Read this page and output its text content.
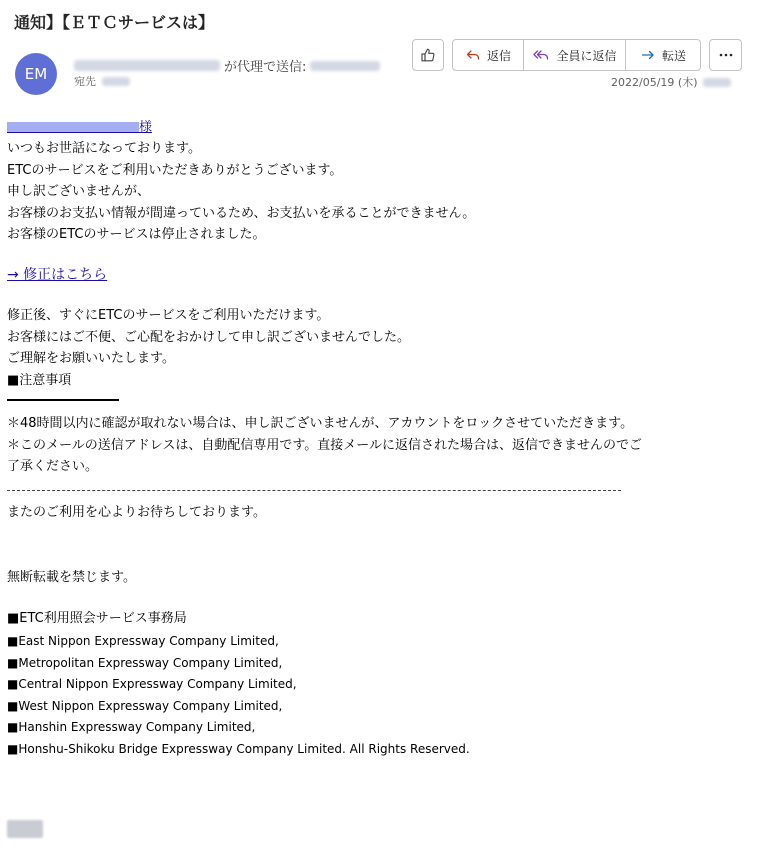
通知】【ＥＴＣサービスは】
EM	が代理で送信:
宛先
返信	全員に返信	転送
2022/05/19 (木)
様
いつもお世話になっております。
ETCのサービスをご利用いただきありがとうございます。
申し訳ございませんが、
お客様のお支払い情報が間違っているため、お支払いを承ることができません。
お客様のETCのサービスは停止されました。
→ 修正はこちら
修正後、すぐにETCのサービスをご利用いただけます。
お客様にはご不便、ご心配をおかけして申し訳ございませんでした。
ご理解をお願いいたします。
■注意事項
＊48時間以内に確認が取れない場合は、申し訳ございませんが、アカウントをロックさせていただきます。
＊このメールの送信アドレスは、自動配信専用です。直接メールに返信された場合は、返信できませんのでご
了承ください。
またのご利用を心よりお待ちしております。
無断転載を禁じます。
■ETC利用照会サービス事務局
■East Nippon Expressway Company Limited,
■Metropolitan Expressway Company Limited,
■Central Nippon Expressway Company Limited,
■West Nippon Expressway Company Limited,
■Hanshin Expressway Company Limited,
■Honshu-Shikoku Bridge Expressway Company Limited. All Rights Reserved.
